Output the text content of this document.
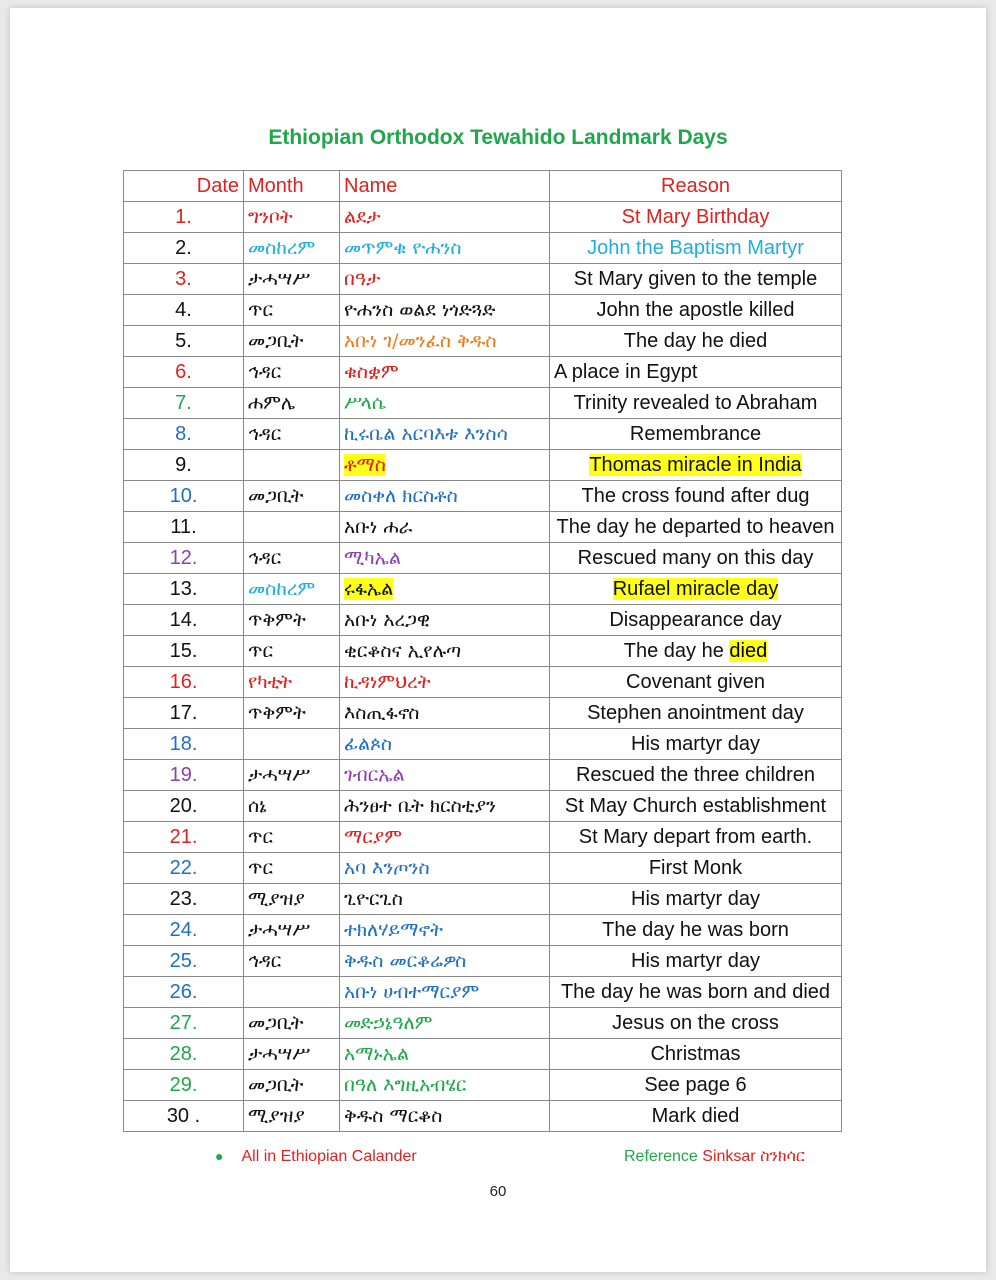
Ethiopian Orthodox Tewahido Landmark Days
Date	Month	Name	Reason
1.	ግንቦት	ልደታ	St Mary Birthday
2.	መስከረም	መጥምቁ ዮሐንስ	John the Baptism Martyr
3.	ታሓሣሥ	በዓታ	St Mary given to the temple
4.	ጥር	ዮሐንስ ወልደ ነጎድጓድ	John the apostle killed
5.	መጋቢት	አቡነ ገ/መንፈስ ቅዱስ	The day he died
6.	ኅዳር	ቁስቋም	A place in Egypt
7.	ሐምሌ	ሥላሴ	Trinity revealed to Abraham
8.	ኅዳር	ኪሩቤል አርባእቱ እንስሳ	Remembrance
9.		ቶማስ	Thomas miracle in India
10.	መጋቢት	መስቀለ ክርስቶስ	The cross found after dug
11.		አቡነ ሐራ	The day he departed to heaven
12.	ኅዳር	ሚካኤል	Rescued many on this day
13.	መስከረም	ሩፋኤል	Rufael miracle day
14.	ጥቅምት	አቡነ አረጋዊ	Disappearance day
15.	ጥር	ቂርቆስና ኢየሉጣ	The day he died
16.	የካቲት	ኪዳነምህረት	Covenant given
17.	ጥቅምት	እስጢፋኖስ	Stephen anointment day
18.		ፊልጶስ	His martyr day
19.	ታሓሣሥ	ገብርኤል	Rescued the three children
20.	ሰኔ	ሕንፀተ ቤት ክርስቲያን	St May Church establishment
21.	ጥር	ማርያም	St Mary depart from earth.
22.	ጥር	አባ እንጦንስ	First Monk
23.	ሚያዝያ	ጊዮርጊስ	His martyr day
24.	ታሓሣሥ	ተክለሃይማኖት	The day he was born
25.	ኅዳር	ቅዱስ መርቆሬዎስ	His martyr day
26.		አቡነ ሀብተማርያም	The day he was born and died
27.	መጋቢት	መድኃኔዓለም	Jesus on the cross
28.	ታሓሣሥ	አማኑኤል	Christmas
29.	መጋቢት	በዓለ እግዚአብሄር	See page 6
30 .	ሚያዝያ	ቅዱስ ማርቆስ	Mark died
● All in Ethiopian Calander	Reference Sinksar ስንክሳር
60
